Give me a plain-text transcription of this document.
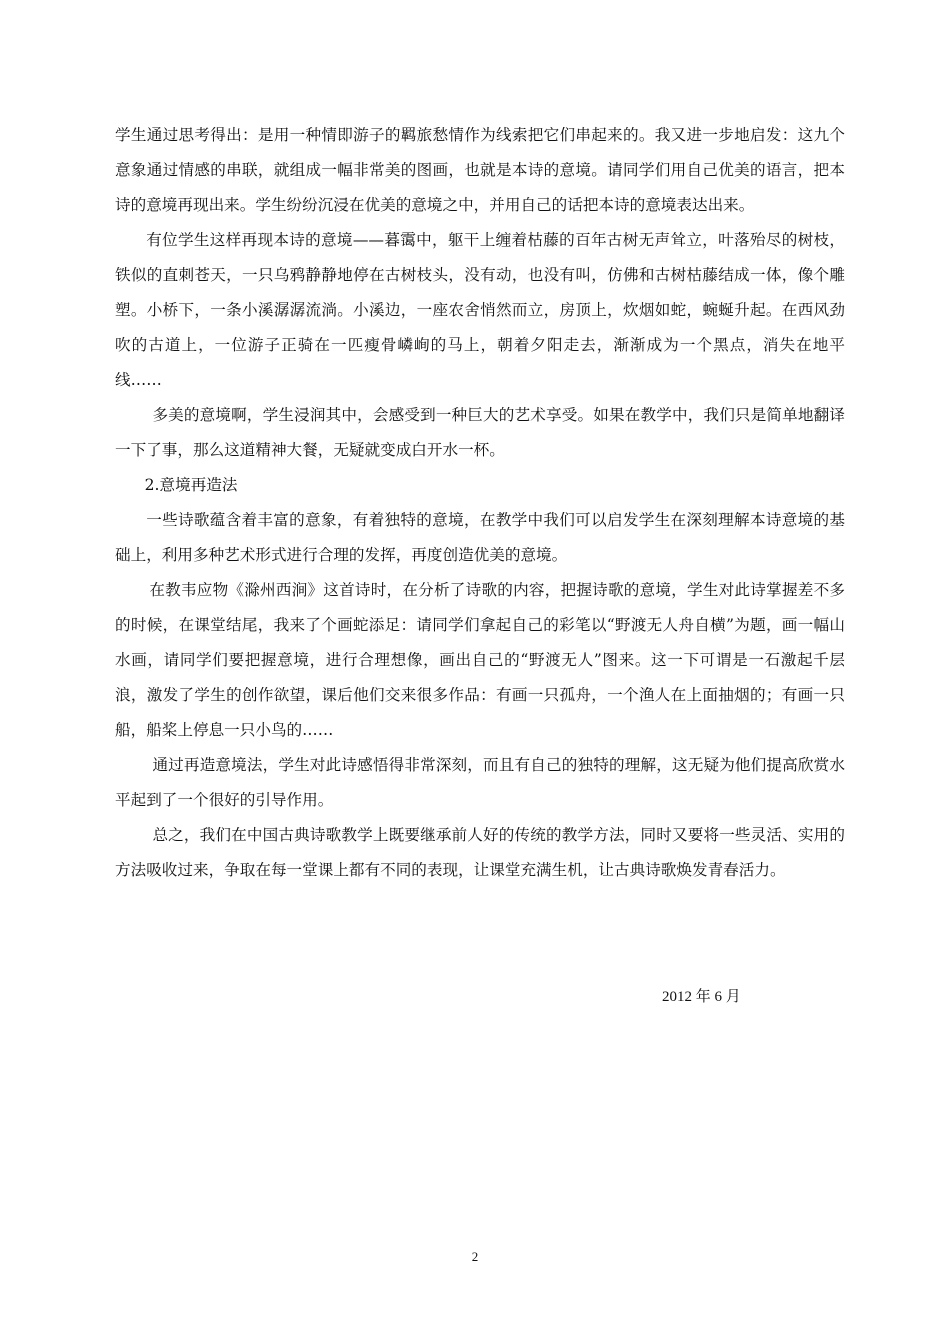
学生通过思考得出：是用一种情即游子的羁旅愁情作为线索把它们串起来的。我又进一步地启发：这九个意象通过情感的串联，就组成一幅非常美的图画，也就是本诗的意境。请同学们用自己优美的语言，把本诗的意境再现出来。学生纷纷沉浸在优美的意境之中，并用自己的话把本诗的意境表达出来。

有位学生这样再现本诗的意境——暮霭中，躯干上缠着枯藤的百年古树无声耸立，叶落殆尽的树枝，铁似的直刺苍天，一只乌鸦静静地停在古树枝头，没有动，也没有叫，仿佛和古树枯藤结成一体，像个雕塑。小桥下，一条小溪潺潺流淌。小溪边，一座农舍悄然而立，房顶上，炊烟如蛇，蜿蜒升起。在西风劲吹的古道上，一位游子正骑在一匹瘦骨嶙峋的马上，朝着夕阳走去，渐渐成为一个黑点，消失在地平线……

多美的意境啊，学生浸润其中，会感受到一种巨大的艺术享受。如果在教学中，我们只是简单地翻译一下了事，那么这道精神大餐，无疑就变成白开水一杯。

2.意境再造法

一些诗歌蕴含着丰富的意象，有着独特的意境，在教学中我们可以启发学生在深刻理解本诗意境的基础上，利用多种艺术形式进行合理的发挥，再度创造优美的意境。

在教韦应物《滁州西涧》这首诗时，在分析了诗歌的内容，把握诗歌的意境，学生对此诗掌握差不多的时候，在课堂结尾，我来了个画蛇添足：请同学们拿起自己的彩笔以“野渡无人舟自横”为题，画一幅山水画，请同学们要把握意境，进行合理想像，画出自己的“野渡无人”图来。这一下可谓是一石激起千层浪，激发了学生的创作欲望，课后他们交来很多作品：有画一只孤舟，一个渔人在上面抽烟的；有画一只船，船桨上停息一只小鸟的……

通过再造意境法，学生对此诗感悟得非常深刻，而且有自己的独特的理解，这无疑为他们提高欣赏水平起到了一个很好的引导作用。

总之，我们在中国古典诗歌教学上既要继承前人好的传统的教学方法，同时又要将一些灵活、实用的方法吸收过来，争取在每一堂课上都有不同的表现，让课堂充满生机，让古典诗歌焕发青春活力。

2012 年 6 月
2
